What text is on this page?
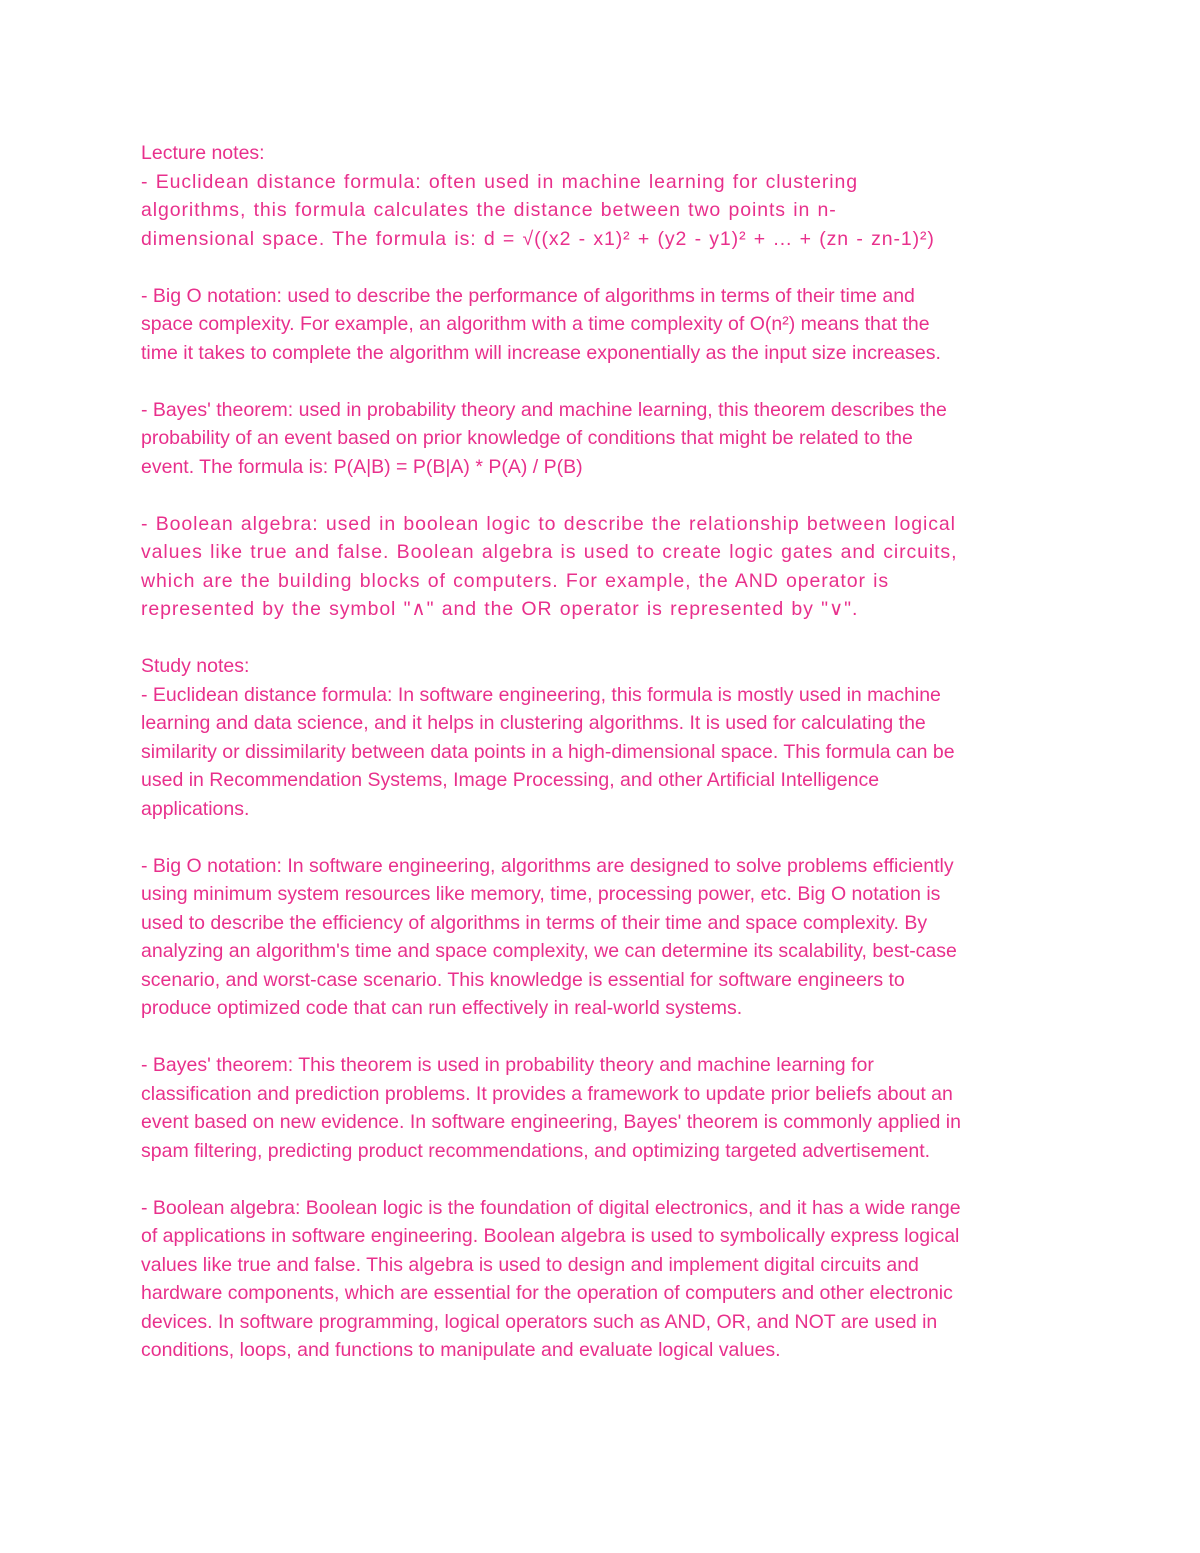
Lecture notes:
- Euclidean distance formula: often used in machine learning for clustering
algorithms, this formula calculates the distance between two points in n-
dimensional space. The formula is: d = √((x2 - x1)² + (y2 - y1)² + ... + (zn - zn-1)²)
- Big O notation: used to describe the performance of algorithms in terms of their time and
space complexity. For example, an algorithm with a time complexity of O(n²) means that the
time it takes to complete the algorithm will increase exponentially as the input size increases.
- Bayes' theorem: used in probability theory and machine learning, this theorem describes the
probability of an event based on prior knowledge of conditions that might be related to the
event. The formula is: P(A|B) = P(B|A) * P(A) / P(B)
- Boolean algebra: used in boolean logic to describe the relationship between logical
values like true and false. Boolean algebra is used to create logic gates and circuits,
which are the building blocks of computers. For example, the AND operator is
represented by the symbol "∧" and the OR operator is represented by "∨".
Study notes:
- Euclidean distance formula: In software engineering, this formula is mostly used in machine
learning and data science, and it helps in clustering algorithms. It is used for calculating the
similarity or dissimilarity between data points in a high-dimensional space. This formula can be
used in Recommendation Systems, Image Processing, and other Artificial Intelligence
applications.
- Big O notation: In software engineering, algorithms are designed to solve problems efficiently
using minimum system resources like memory, time, processing power, etc. Big O notation is
used to describe the efficiency of algorithms in terms of their time and space complexity. By
analyzing an algorithm's time and space complexity, we can determine its scalability, best-case
scenario, and worst-case scenario. This knowledge is essential for software engineers to
produce optimized code that can run effectively in real-world systems.
- Bayes' theorem: This theorem is used in probability theory and machine learning for
classification and prediction problems. It provides a framework to update prior beliefs about an
event based on new evidence. In software engineering, Bayes' theorem is commonly applied in
spam filtering, predicting product recommendations, and optimizing targeted advertisement.
- Boolean algebra: Boolean logic is the foundation of digital electronics, and it has a wide range
of applications in software engineering. Boolean algebra is used to symbolically express logical
values like true and false. This algebra is used to design and implement digital circuits and
hardware components, which are essential for the operation of computers and other electronic
devices. In software programming, logical operators such as AND, OR, and NOT are used in
conditions, loops, and functions to manipulate and evaluate logical values.
